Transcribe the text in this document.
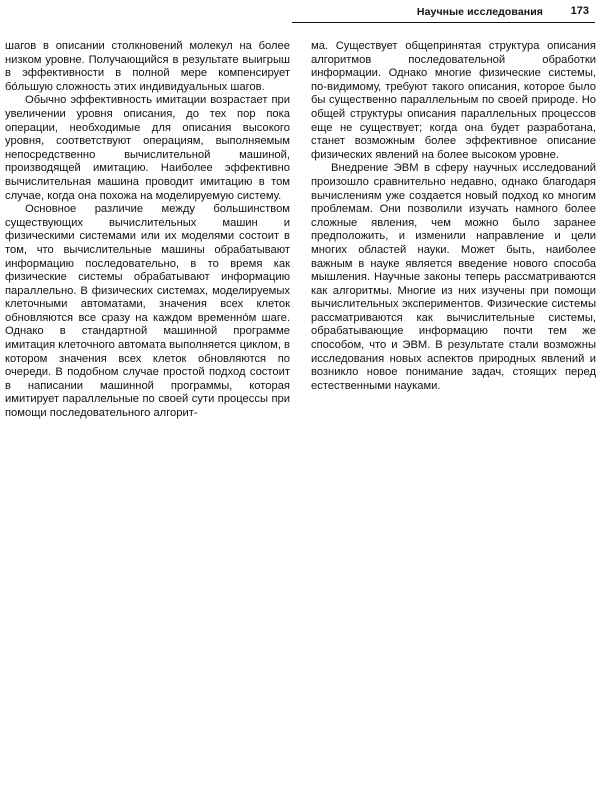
Научные исследования	173

шагов в описании столкновений молекул на более низком уровне. Получающийся в результате выигрыш в эффективности в полной мере компенсирует бо́льшую сложность этих индивидуальных шагов.

Обычно эффективность имитации возрастает при увеличении уровня описания, до тех пор пока операции, необходимые для описания высокого уровня, соответствуют операциям, выполняемым непосредственно вычислительной машиной, производящей имитацию. Наиболее эффективно вычислительная машина проводит имитацию в том случае, когда она похожа на моделируемую систему.

Основное различие между большинством существующих вычислительных машин и физическими системами или их моделями состоит в том, что вычислительные машины обрабатывают информацию последовательно, в то время как физические системы обрабатывают информацию параллельно. В физических системах, моделируемых клеточными автоматами, значения всех клеток обновляются все сразу на каждом временно́м шаге. Однако в стандартной машинной программе имитация клеточного автомата выполняется циклом, в котором значения всех клеток обновляются по очереди. В подобном случае простой подход состоит в написании машинной программы, которая имитирует параллельные по своей сути процессы при помощи последовательного алгорит-

ма. Существует общепринятая структура описания алгоритмов последовательной обработки информации. Однако многие физические системы, по-видимому, требуют такого описания, которое было бы существенно параллельным по своей природе. Но общей структуры описания параллельных процессов еще не существует; когда она будет разработана, станет возможным более эффективное описание физических явлений на более высоком уровне.

Внедрение ЭВМ в сферу научных исследований произошло сравнительно недавно, однако благодаря вычислениям уже создается новый подход ко многим проблемам. Они позволили изучать намного более сложные явления, чем можно было заранее предположить, и изменили направление и цели многих областей науки. Может быть, наиболее важным в науке является введение нового способа мышления. Научные законы теперь рассматриваются как алгоритмы. Многие из них изучены при помощи вычислительных экспериментов. Физические системы рассматриваются как вычислительные системы, обрабатывающие информацию почти тем же способом, что и ЭВМ. В результате стали возможны исследования новых аспектов природных явлений и возникло новое понимание задач, стоящих перед естественными науками.
